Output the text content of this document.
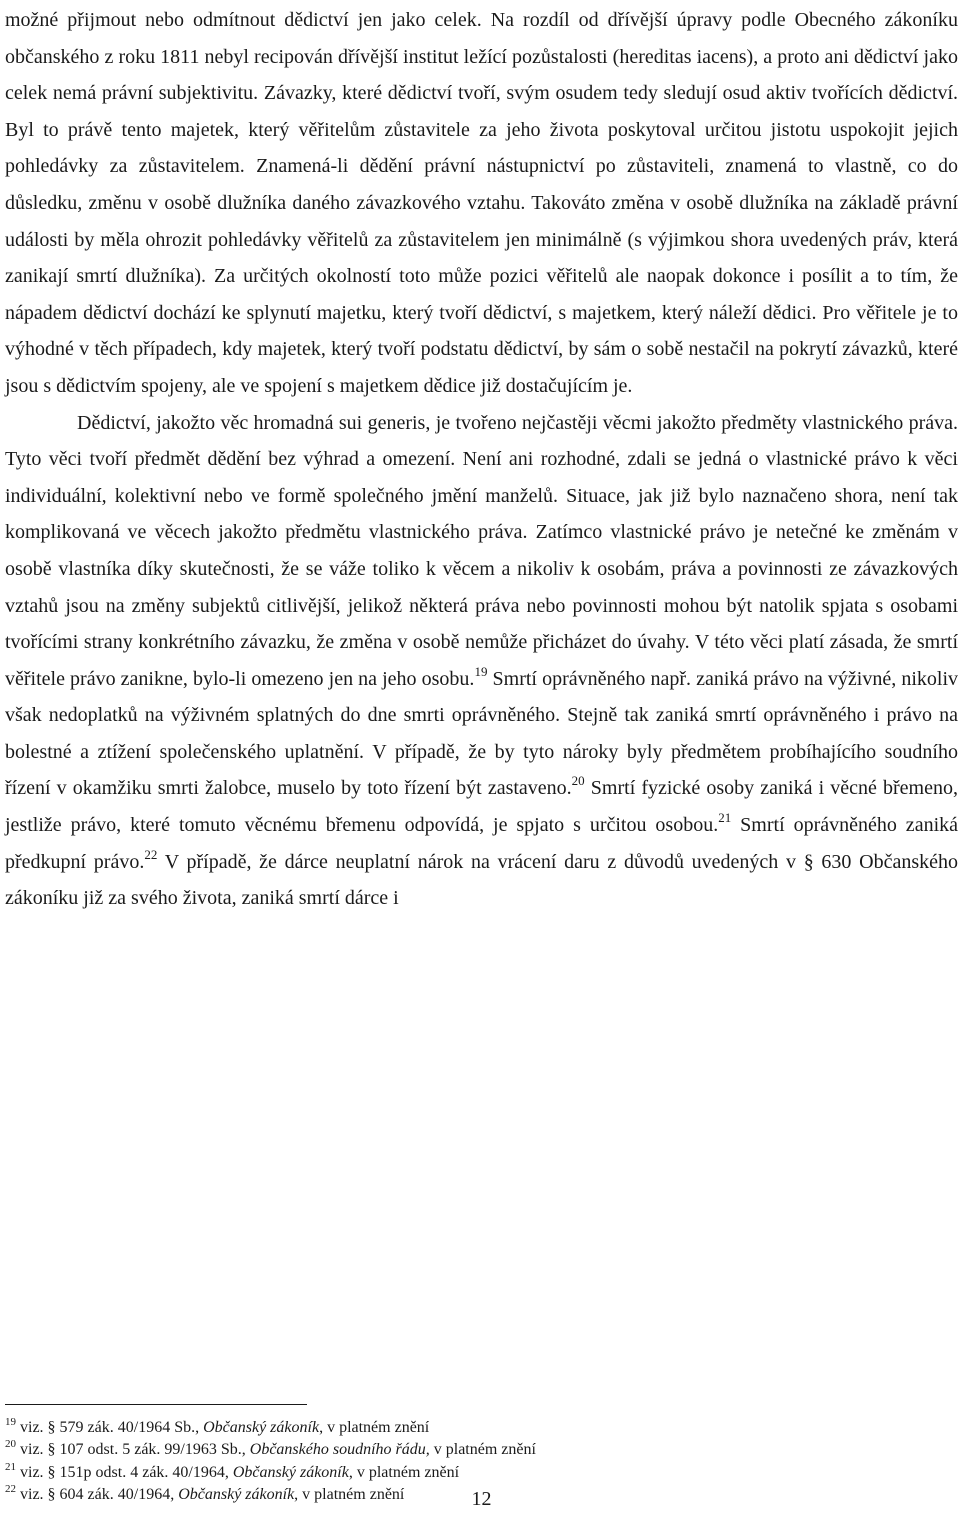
možné přijmout nebo odmítnout dědictví jen jako celek. Na rozdíl od dřívější úpravy podle Obecného zákoníku občanského z roku 1811 nebyl recipován dřívější institut ležící pozůstalosti (hereditas iacens), a proto ani dědictví jako celek nemá právní subjektivitu. Závazky, které dědictví tvoří, svým osudem tedy sledují osud aktiv tvořících dědictví. Byl to právě tento majetek, který věřitelům zůstavitele za jeho života poskytoval určitou jistotu uspokojit jejich pohledávky za zůstavitelem. Znamená-li dědění právní nástupnictví po zůstaviteli, znamená to vlastně, co do důsledku, změnu v osobě dlužníka daného závazkového vztahu. Takováto změna v osobě dlužníka na základě právní události by měla ohrozit pohledávky věřitelů za zůstavitelem jen minimálně (s výjimkou shora uvedených práv, která zanikají smrtí dlužníka). Za určitých okolností toto může pozici věřitelů ale naopak dokonce i posílit a to tím, že nápadem dědictví dochází ke splynutí majetku, který tvoří dědictví, s majetkem, který náleží dědici. Pro věřitele je to výhodné v těch případech, kdy majetek, který tvoří podstatu dědictví, by sám o sobě nestačil na pokrytí závazků, které jsou s dědictvím spojeny, ale ve spojení s majetkem dědice již dostačujícím je.

Dědictví, jakožto věc hromadná sui generis, je tvořeno nejčastěji věcmi jakožto předměty vlastnického práva. Tyto věci tvoří předmět dědění bez výhrad a omezení. Není ani rozhodné, zdali se jedná o vlastnické právo k věci individuální, kolektivní nebo ve formě společného jmění manželů. Situace, jak již bylo naznačeno shora, není tak komplikovaná ve věcech jakožto předmětu vlastnického práva. Zatímco vlastnické právo je netečné ke změnám v osobě vlastníka díky skutečnosti, že se váže toliko k věcem a nikoliv k osobám, práva a povinnosti ze závazkových vztahů jsou na změny subjektů citlivější, jelikož některá práva nebo povinnosti mohou být natolik spjata s osobami tvořícími strany konkrétního závazku, že změna v osobě nemůže přicházet do úvahy. V této věci platí zásada, že smrtí věřitele právo zanikne, bylo-li omezeno jen na jeho osobu.$^{19}$ Smrtí oprávněného např. zaniká právo na výživné, nikoliv však nedoplatků na výživném splatných do dne smrti oprávněného. Stejně tak zaniká smrtí oprávněného i právo na bolestné a ztížení společenského uplatnění. V případě, že by tyto nároky byly předmětem probíhajícího soudního řízení v okamžiku smrti žalobce, muselo by toto řízení být zastaveno.$^{20}$ Smrtí fyzické osoby zaniká i věcné břemeno, jestliže právo, které tomuto věcnému břemenu odpovídá, je spjato s určitou osobou.$^{21}$ Smrtí oprávněného zaniká předkupní právo.$^{22}$ V případě, že dárce neuplatní nárok na vrácení daru z důvodů uvedených v § 630 Občanského zákoníku již za svého života, zaniká smrtí dárce i

$^{19}$ viz. § 579 zák. 40/1964 Sb., Občanský zákoník, v platném znění
$^{20}$ viz. § 107 odst. 5 zák. 99/1963 Sb., Občanského soudního řádu, v platném znění
$^{21}$ viz. § 151p odst. 4 zák. 40/1964, Občanský zákoník, v platném znění
$^{22}$ viz. § 604 zák. 40/1964, Občanský zákoník, v platném znění	12
